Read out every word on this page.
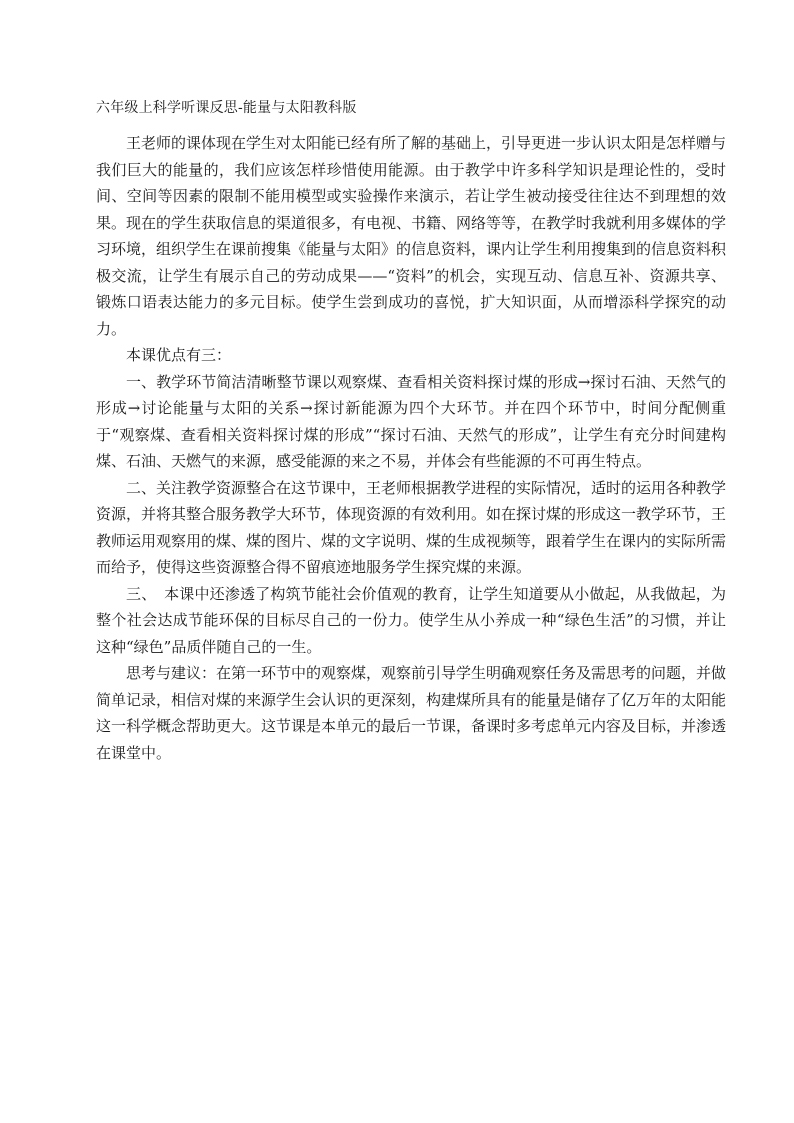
六年级上科学听课反思-能量与太阳教科版

王老师的课体现在学生对太阳能已经有所了解的基础上，引导更进一步认识太阳是怎样赠与我们巨大的能量的，我们应该怎样珍惜使用能源。由于教学中许多科学知识是理论性的，受时间、空间等因素的限制不能用模型或实验操作来演示，若让学生被动接受往往达不到理想的效果。现在的学生获取信息的渠道很多，有电视、书籍、网络等等，在教学时我就利用多媒体的学习环境，组织学生在课前搜集《能量与太阳》的信息资料，课内让学生利用搜集到的信息资料积极交流，让学生有展示自己的劳动成果——“资料”的机会，实现互动、信息互补、资源共享、锻炼口语表达能力的多元目标。使学生尝到成功的喜悦，扩大知识面，从而增添科学探究的动力。

本课优点有三：

一、教学环节简洁清晰整节课以观察煤、查看相关资料探讨煤的形成→探讨石油、天然气的形成→讨论能量与太阳的关系→探讨新能源为四个大环节。并在四个环节中，时间分配侧重于“观察煤、查看相关资料探讨煤的形成”“探讨石油、天然气的形成”，让学生有充分时间建构煤、石油、天燃气的来源，感受能源的来之不易，并体会有些能源的不可再生特点。

二、关注教学资源整合在这节课中，王老师根据教学进程的实际情况，适时的运用各种教学资源，并将其整合服务教学大环节，体现资源的有效利用。如在探讨煤的形成这一教学环节，王教师运用观察用的煤、煤的图片、煤的文字说明、煤的生成视频等，跟着学生在课内的实际所需而给予，使得这些资源整合得不留痕迹地服务学生探究煤的来源。

三、　本课中还渗透了构筑节能社会价值观的教育，让学生知道要从小做起，从我做起，为整个社会达成节能环保的目标尽自己的一份力。使学生从小养成一种“绿色生活”的习惯，并让这种“绿色”品质伴随自己的一生。

思考与建议：在第一环节中的观察煤，观察前引导学生明确观察任务及需思考的问题，并做简单记录，相信对煤的来源学生会认识的更深刻，构建煤所具有的能量是储存了亿万年的太阳能这一科学概念帮助更大。这节课是本单元的最后一节课，备课时多考虑单元内容及目标，并渗透在课堂中。
